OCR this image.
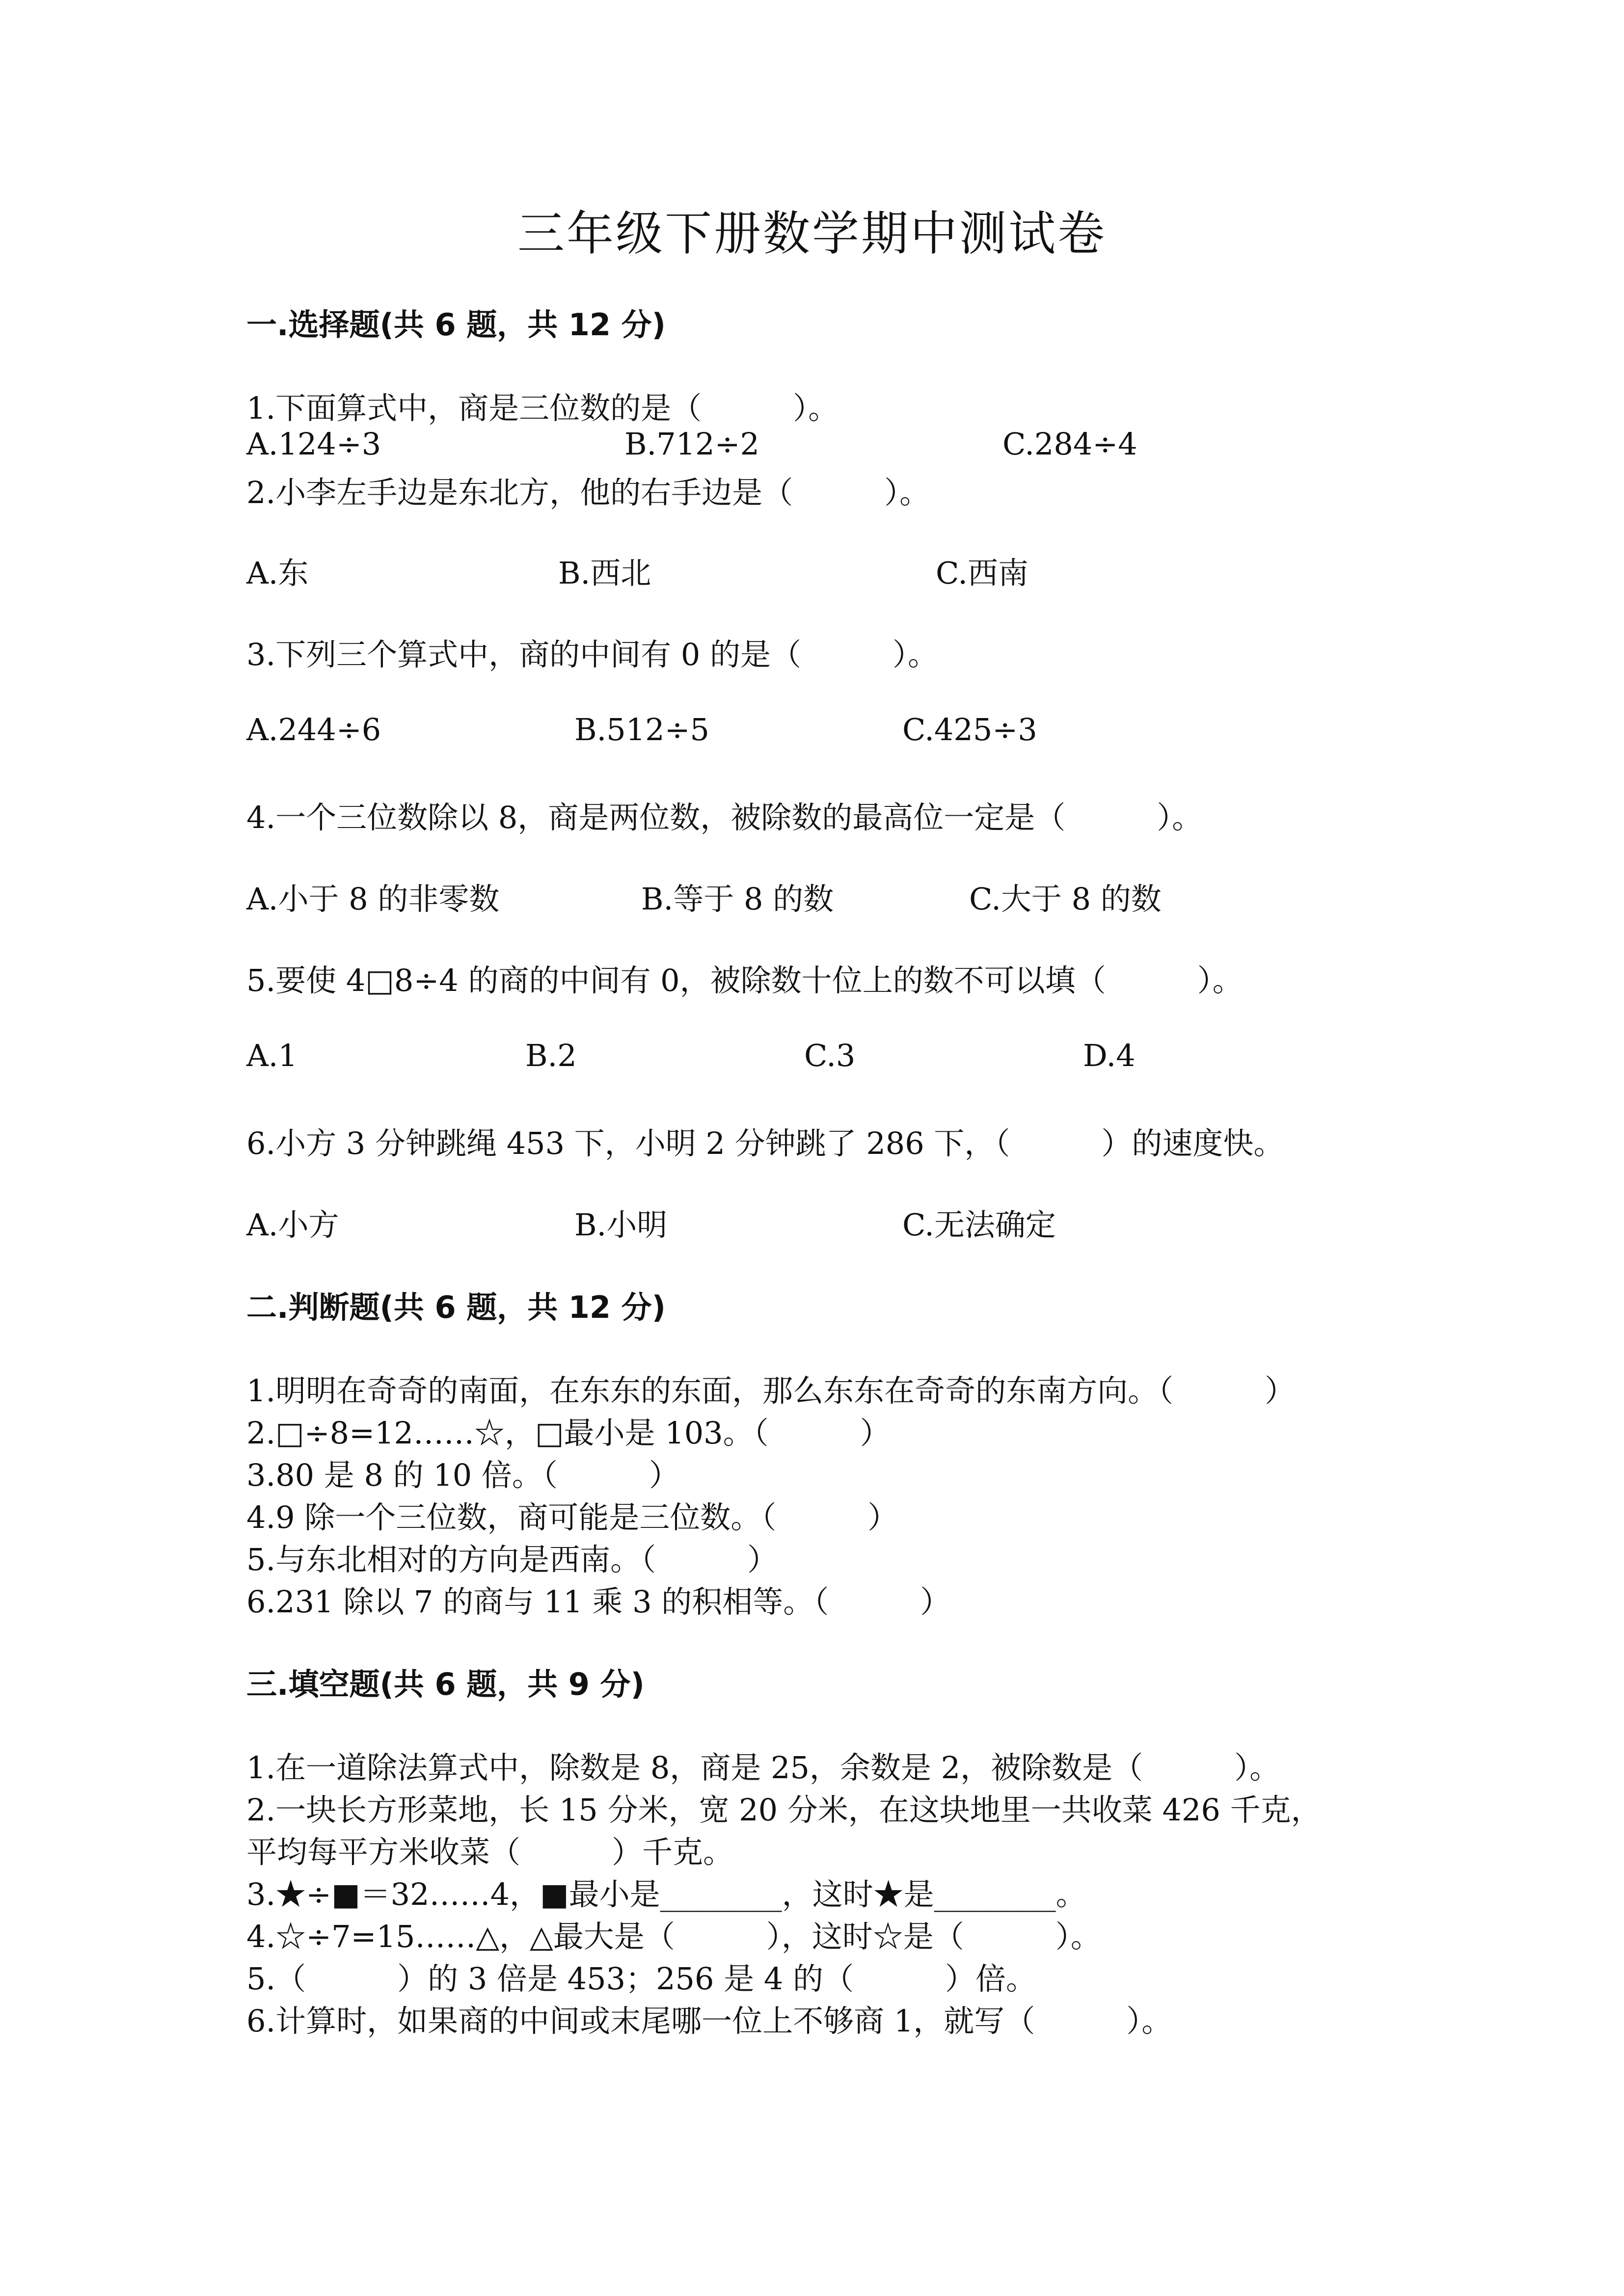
三年级下册数学期中测试卷
一.选择题(共 6 题，共 12 分)
1.下面算式中，商是三位数的是（　　　）。
A.124÷3	B.712÷2	C.284÷4
2.小李左手边是东北方，他的右手边是（　　　）。
A.东	B.西北	C.西南
3.下列三个算式中，商的中间有 0 的是（　　　）。
A.244÷6	B.512÷5	C.425÷3
4.一个三位数除以 8，商是两位数，被除数的最高位一定是（　　　）。
A.小于 8 的非零数	B.等于 8 的数	C.大于 8 的数
5.要使 4□8÷4 的商的中间有 0，被除数十位上的数不可以填（　　　）。
A.1	B.2	C.3	D.4
6.小方 3 分钟跳绳 453 下，小明 2 分钟跳了 286 下，（　　　）的速度快。
A.小方	B.小明	C.无法确定
二.判断题(共 6 题，共 12 分)
1.明明在奇奇的南面，在东东的东面，那么东东在奇奇的东南方向。（　　　）
2.□÷8=12……☆，□最小是 103。（　　　）
3.80 是 8 的 10 倍。（　　　）
4.9 除一个三位数，商可能是三位数。（　　　）
5.与东北相对的方向是西南。（　　　）
6.231 除以 7 的商与 11 乘 3 的积相等。（　　　）
三.填空题(共 6 题，共 9 分)
1.在一道除法算式中，除数是 8，商是 25，余数是 2，被除数是（　　　）。
2.一块长方形菜地，长 15 分米，宽 20 分米，在这块地里一共收菜 426 千克，
平均每平方米收菜（　　　）千克。
3.★÷■＝32……4，■最小是________，这时★是________。
4.☆÷7=15……△，△最大是（　　　），这时☆是（　　　）。
5.（　　　）的 3 倍是 453；256 是 4 的（　　　）倍。
6.计算时，如果商的中间或末尾哪一位上不够商 1，就写（　　　）。
